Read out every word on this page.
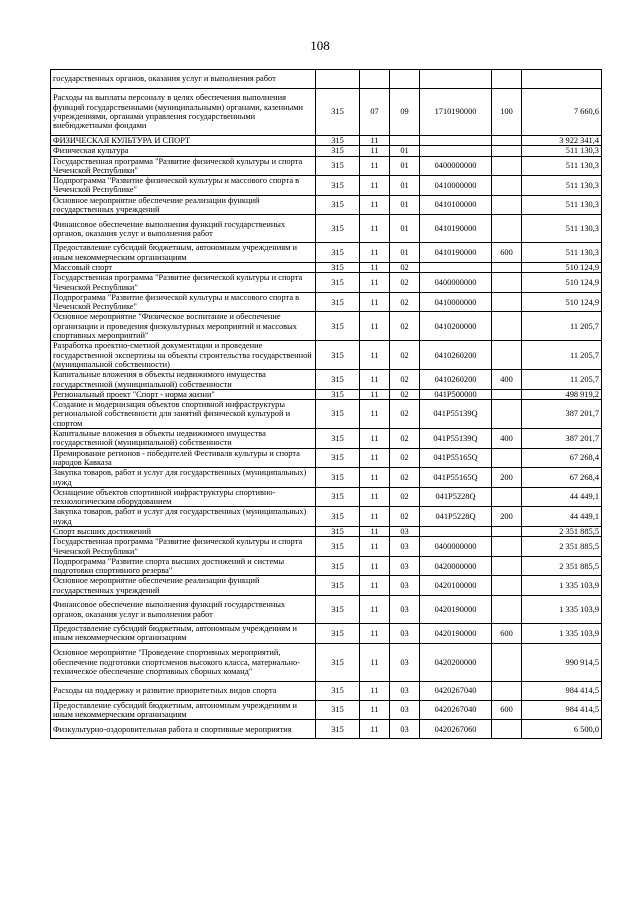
108
государственных органов, оказания услуг и выполнения работ						
Расходы на выплаты персоналу в целях обеспечения выполнения функций государственными (муниципальными) органами, казенными учреждениями, органами управления государственными внебюджетными фондами	315	07	09	1710190000	100	7 660,6
ФИЗИЧЕСКАЯ КУЛЬТУРА И СПОРТ	315	11				3 922 341,4
Физическая культура	315	11	01			511 130,3
Государственная программа "Развитие физической культуры и спорта Чеченской Республики"	315	11	01	0400000000		511 130,3
Подпрограмма "Развитие физической культуры и массового спорта в Чеченской Республике"	315	11	01	0410000000		511 130,3
Основное мероприятие обеспечение реализации функций государственных учреждений	315	11	01	0410100000		511 130,3
Финансовое обеспечение выполнения функций государственных органов, оказания услуг и выполнения работ	315	11	01	0410190000		511 130,3
Предоставление субсидий бюджетным, автономным учреждениям и иным некоммерческим организациям	315	11	01	0410190000	600	511 130,3
Массовый спорт	315	11	02			510 124,9
Государственная программа "Развитие физической культуры и спорта Чеченской Республики"	315	11	02	0400000000		510 124,9
Подпрограмма "Развитие физической культуры и массового спорта в Чеченской Республике"	315	11	02	0410000000		510 124,9
Основное мероприятие "Физическое воспитание и обеспечение организации и проведения физкультурных мероприятий и массовых спортивных мероприятий"	315	11	02	0410200000		11 205,7
Разработка проектно-сметной документации и проведение государственной экспертизы на объекты строительства государственной (муниципальной собственности)	315	11	02	0410260200		11 205,7
Капитальные вложения в объекты недвижимого имущества государственной (муниципальной) собственности	315	11	02	0410260200	400	11 205,7
Региональный проект "Спорт - норма жизни"	315	11	02	041P500000		498 919,2
Создание и модернизация объектов спортивной инфраструктуры региональной собственности для занятий физической культурой и спортом	315	11	02	041P55139Q		387 201,7
Капитальные вложения в объекты недвижимого имущества государственной (муниципальной) собственности	315	11	02	041P55139Q	400	387 201,7
Премирование регионов - победителей Фестиваля культуры и спорта народов Кавказа	315	11	02	041P55165Q		67 268,4
Закупка товаров, работ и услуг для государственных (муниципальных) нужд	315	11	02	041P55165Q	200	67 268,4
Оснащение объектов спортивной инфраструктуры спортивно-технологическим оборудованием	315	11	02	041P5228Q		44 449,1
Закупка товаров, работ и услуг для государственных (муниципальных) нужд	315	11	02	041P5228Q	200	44 449,1
Спорт высших достижений	315	11	03			2 351 885,5
Государственная программа "Развитие физической культуры и спорта Чеченской Республики"	315	11	03	0400000000		2 351 885,5
Подпрограмма "Развитие спорта высших достижений и системы подготовки спортивного резерва"	315	11	03	0420000000		2 351 885,5
Основное мероприятие обеспечение реализации функций государственных учреждений	315	11	03	0420100000		1 335 103,9
Финансовое обеспечение выполнения функций государственных органов, оказания услуг и выполнения работ	315	11	03	0420190000		1 335 103,9
Предоставление субсидий бюджетным, автономным учреждениям и иным некоммерческим организациям	315	11	03	0420190000	600	1 335 103,9
Основное мероприятие "Проведение спортивных мероприятий, обеспечение подготовки спортсменов высокого класса, материально-техническое обеспечение спортивных сборных команд"	315	11	03	0420200000		990 914,5
Расходы на поддержку и развитие приоритетных видов спорта	315	11	03	0420267040		984 414,5
Предоставление субсидий бюджетным, автономным учреждениям и иным некоммерческим организациям	315	11	03	0420267040	600	984 414,5
Физкультурно-оздоровительная работа и спортивные мероприятия	315	11	03	0420267060		6 500,0
